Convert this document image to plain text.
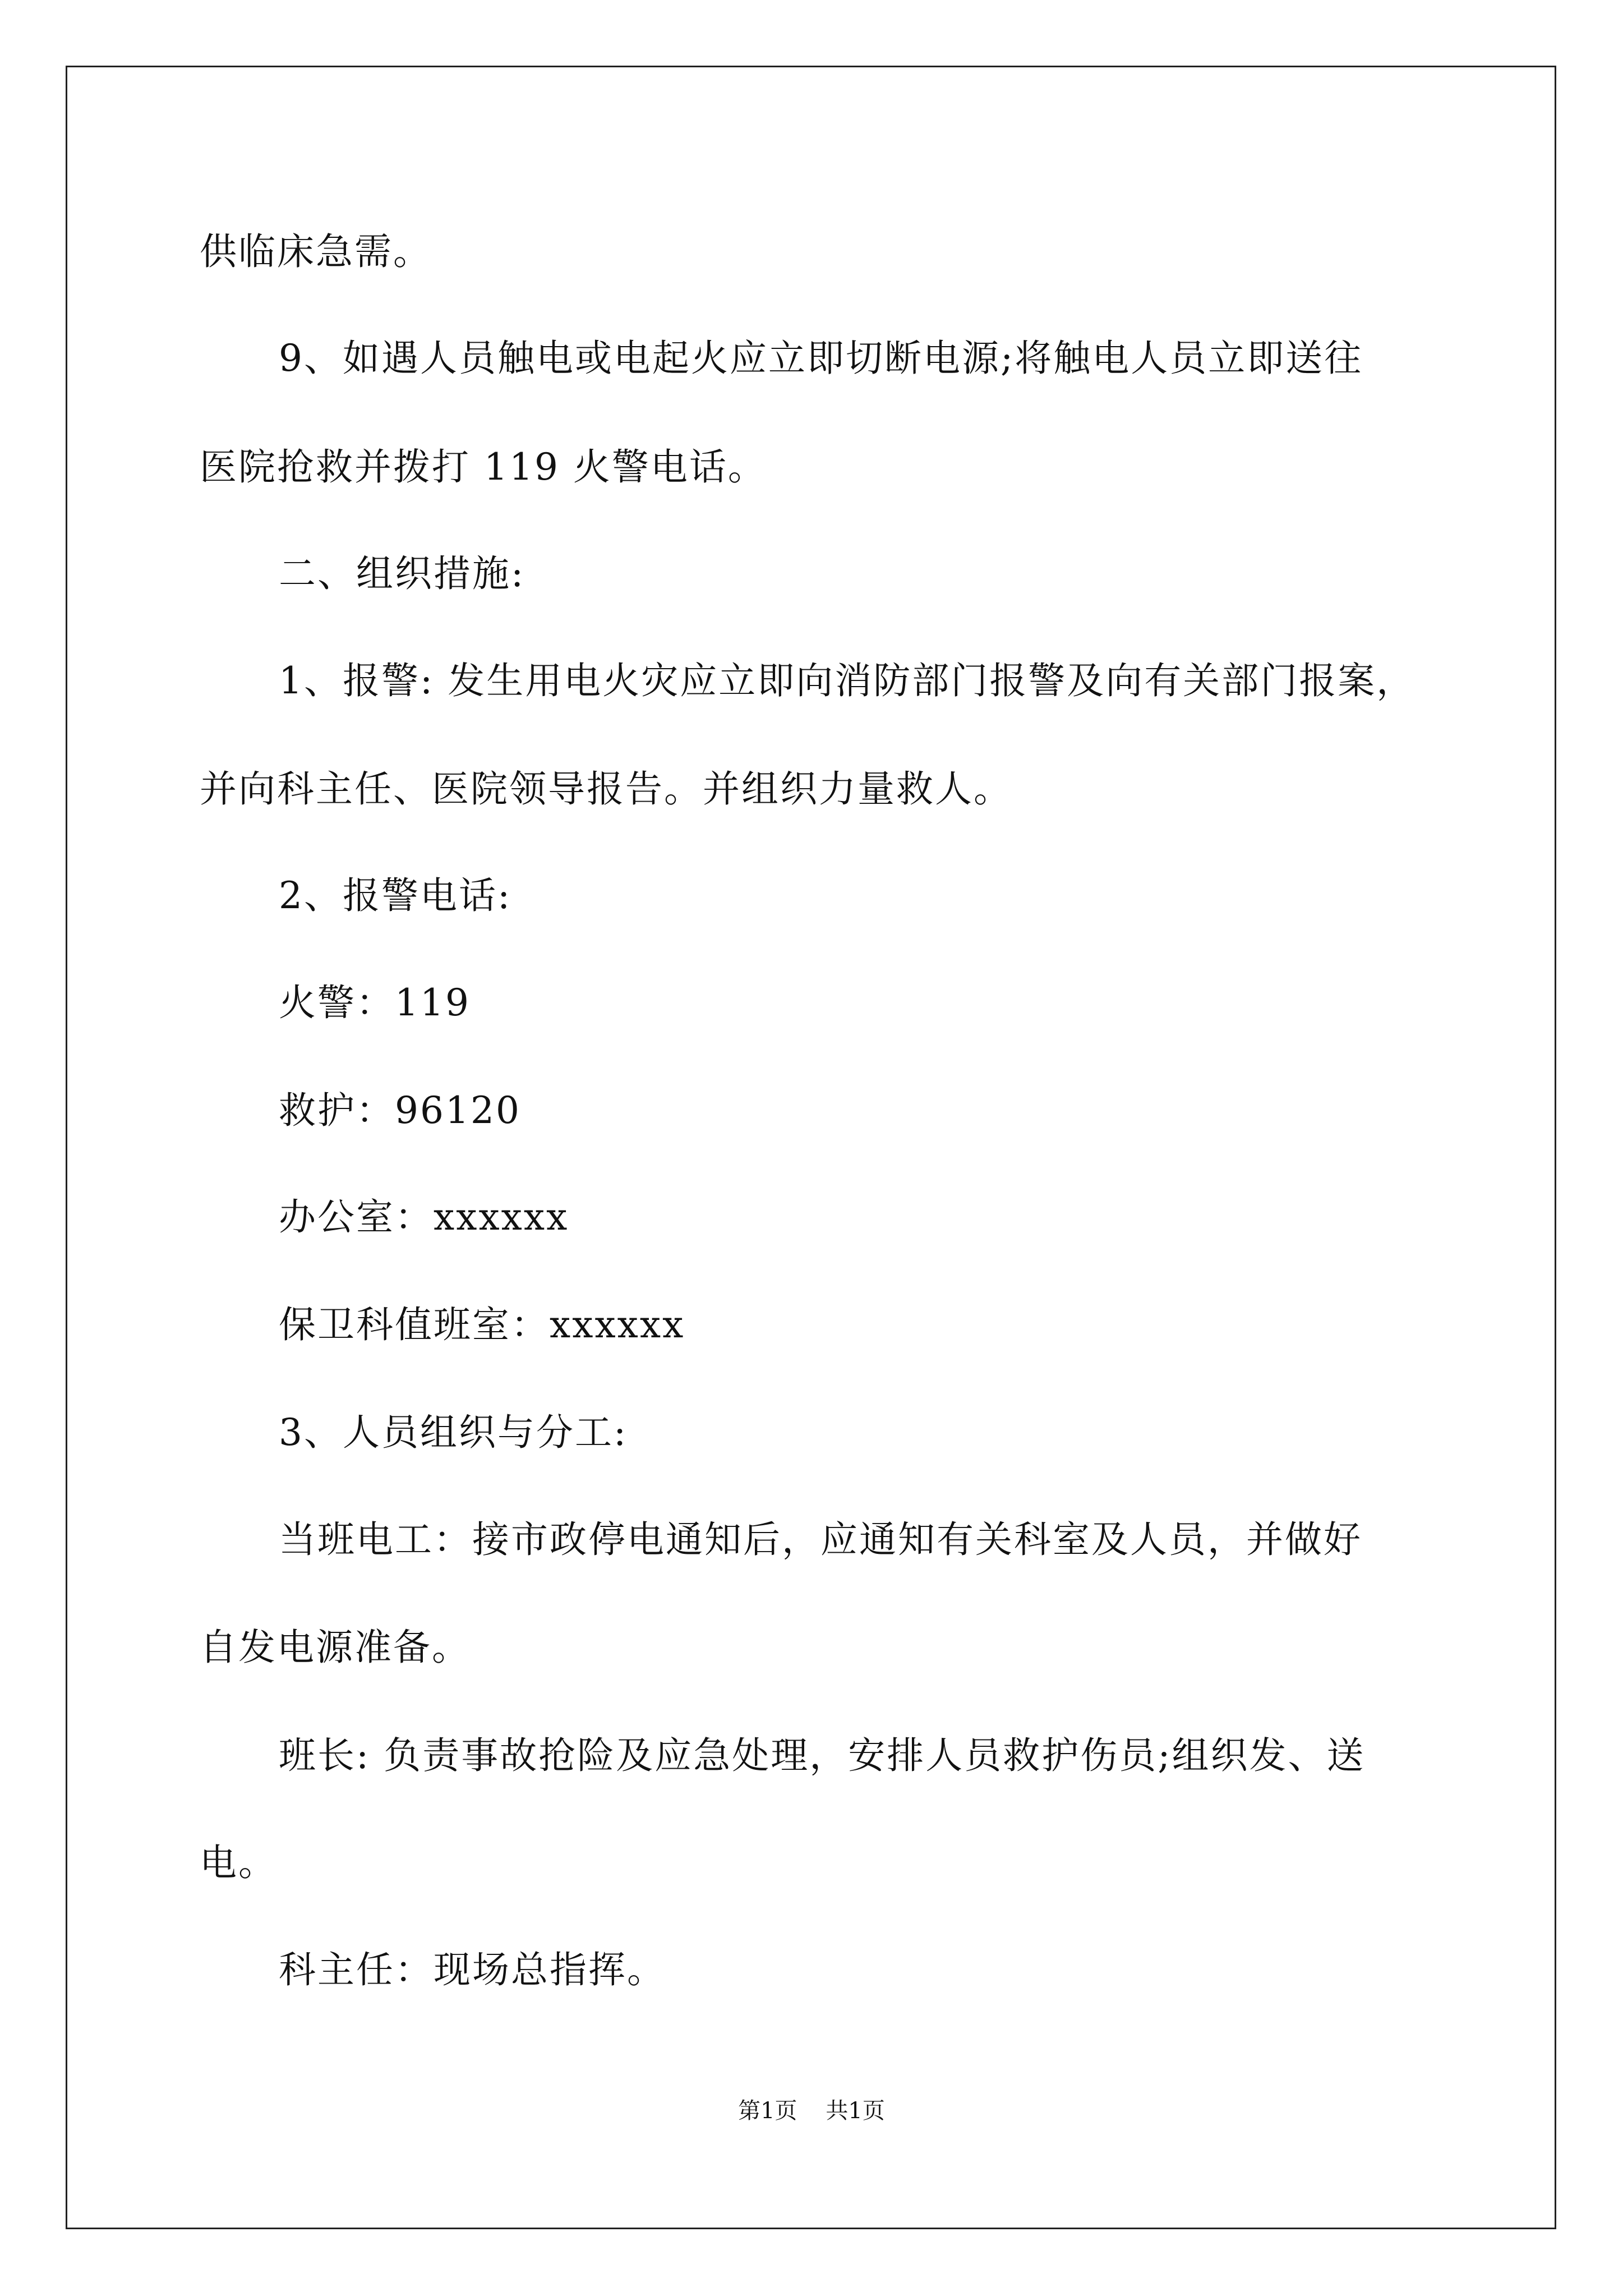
供临床急需。
9、如遇人员触电或电起火应立即切断电源;将触电人员立即送往
医院抢救并拨打 119 火警电话。
二、组织措施:
1、报警: 发生用电火灾应立即向消防部门报警及向有关部门报案，
并向科主任、医院领导报告。并组织力量救人。
2、报警电话:
火警：119
救护：96120
办公室：xxxxxx
保卫科值班室：xxxxxx
3、人员组织与分工:
当班电工：接市政停电通知后，应通知有关科室及人员，并做好
自发电源准备。
班长: 负责事故抢险及应急处理，安排人员救护伤员;组织发、送
电。
科主任：现场总指挥。
第1页    共1页
